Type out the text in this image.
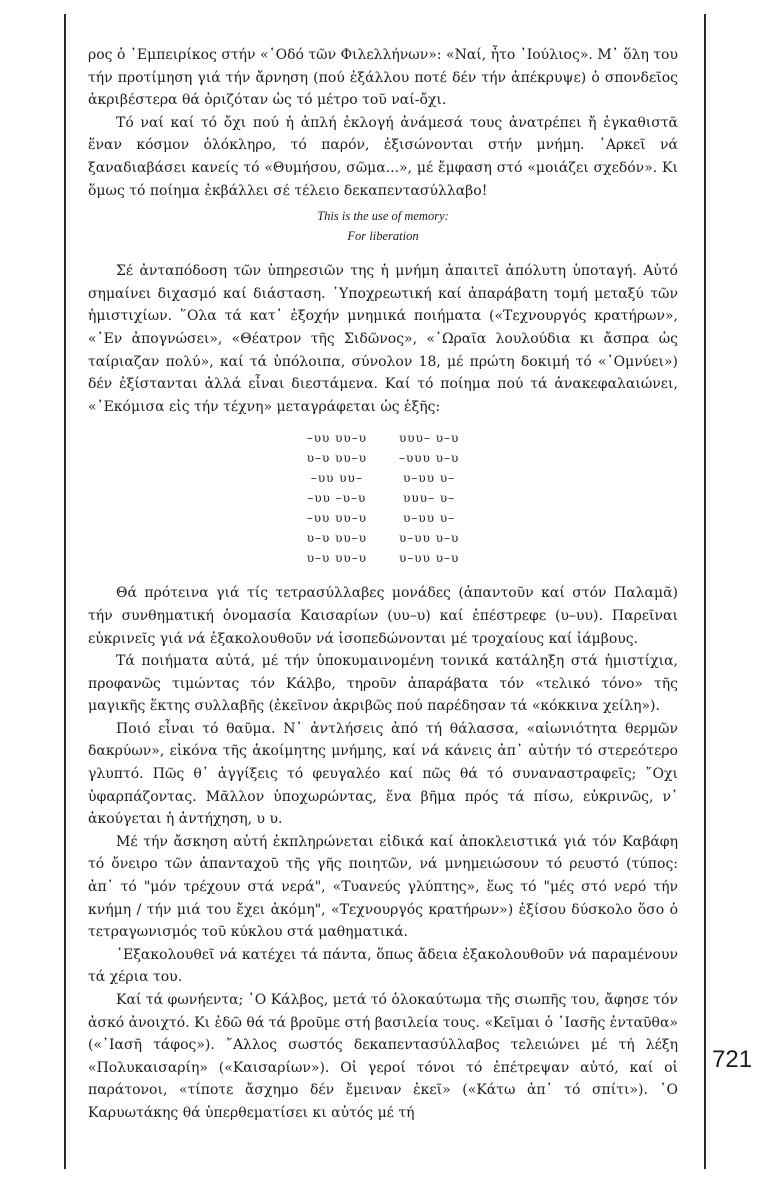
ρος ὁ ᾿Εμπειρίκος στήν «῾Οδό τῶν Φιλελλήνων»: «Ναί, ἦτο ᾿Ιούλιος». Μ᾿ ὅλη του τήν προτίμηση γιά τήν ἄρνηση (πού ἐξάλλου ποτέ δέν τήν ἀπέκρυψε) ὁ σπονδεῖος ἀκριβέστερα θά ὁριζόταν ὡς τό μέτρο τοῦ ναί-ὄχι.

Τό ναί καί τό ὄχι πού ἡ ἁπλή ἐκλογή ἀνάμεσά τους ἀνατρέπει ἤ ἐγκαθιστᾶ ἕναν κόσμον ὁλόκληρο, τό παρόν, ἐξισώνονται στήν μνήμη. ᾿Αρκεῖ νά ξαναδιαβάσει κανείς τό «Θυμήσου, σῶμα...», μέ ἔμφαση στό «μοιάζει σχεδόν». Κι ὅμως τό ποίημα ἐκβάλλει σέ τέλειο δεκαπεντασύλλαβο!

This is the use of memory:
For liberation

Σέ ἀνταπόδοση τῶν ὑπηρεσιῶν της ἡ μνήμη ἀπαιτεῖ ἀπόλυτη ὑποταγή. Αὐτό σημαίνει διχασμό καί διάσταση. ῾Υποχρεωτική καί ἀπαράβατη τομή μεταξύ τῶν ἡμιστιχίων. ῞Ολα τά κατ᾿ ἐξοχήν μνημικά ποιήματα («Τεχνουργός κρατήρων», «᾿Εν ἀπογνώσει», «Θέατρον τῆς Σιδῶνος», «῾Ωραῖα λουλούδια κι ἄσπρα ὡς ταίριαζαν πολύ», καί τά ὑπόλοιπα, σύνολον 18, μέ πρώτη δοκιμή τό «᾿Ομνύει») δέν ἐξίστανται ἀλλά εἶναι διεστάμενα. Καί τό ποίημα πού τά ἀνακεφαλαιώνει, «᾿Εκόμισα εἰς τήν τέχνη» μεταγράφεται ὡς ἑξῆς:

–υυ υυ–υ
υ–υ υυ–υ
–υυ υυ–
–υυ –υ–υ
–υυ υυ–υ
υ–υ υυ–υ
υ–υ υυ–υ
υυυ– υ–υ
–υυυ υ–υ
υ–υυ υ–
υυυ– υ–
υ–υυ υ–
υ–υυ υ–υ
υ–υυ υ–υ

Θά πρότεινα γιά τίς τετρασύλλαβες μονάδες (ἁπαντοῦν καί στόν Παλαμᾶ) τήν συνθηματική ὀνομασία Καισαρίων (υυ–υ) καί ἐπέστρεφε (υ–υυ). Παρεῖναι εὐκρινεῖς γιά νά ἐξακολουθοῦν νά ἰσοπεδώνονται μέ τροχαίους καί ἰάμβους.

Τά ποιήματα αὐτά, μέ τήν ὑποκυμαινομένη τονικά κατάληξη στά ἡμιστίχια, προφανῶς τιμώντας τόν Κάλβο, τηροῦν ἀπαράβατα τόν «τελικό τόνο» τῆς μαγικῆς ἕκτης συλλαβῆς (ἐκεῖνον ἀκριβῶς πού παρέδησαν τά «κόκκινα χείλη»).

Ποιό εἶναι τό θαῦμα. Ν᾿ ἀντλήσεις ἀπό τή θάλασσα, «αἰωνιότητα θερμῶν δακρύων», εἰκόνα τῆς ἀκοίμητης μνήμης, καί νά κάνεις ἀπ᾿ αὐτήν τό στερεότερο γλυπτό. Πῶς θ᾿ ἀγγίξεις τό φευγαλέο καί πῶς θά τό συναναστραφεῖς; ῎Οχι ὑφαρπάζοντας. Μᾶλλον ὑποχωρώντας, ἕνα βῆμα πρός τά πίσω, εὐκρινῶς, ν᾿ ἀκούγεται ἡ ἀντήχηση, υ υ.

Μέ τήν ἄσκηση αὐτή ἐκπληρώνεται εἰδικά καί ἀποκλειστικά γιά τόν Καβάφη τό ὄνειρο τῶν ἁπανταχοῦ τῆς γῆς ποιητῶν, νά μνημειώσουν τό ρευστό (τύπος: ἀπ᾿ τό "μόν τρέχουν στά νερά", «Τυανεύς γλύπτης», ἕως τό "μές στό νερό τήν κνήμη / τήν μιά του ἔχει ἀκόμη", «Τεχνουργός κρατήρων») ἐξίσου δύσκολο ὅσο ὁ τετραγωνισμός τοῦ κύκλου στά μαθηματικά.

᾿Εξακολουθεῖ νά κατέχει τά πάντα, ὅπως ἄδεια ἐξακολουθοῦν νά παραμένουν τά χέρια του.

Καί τά φωνήεντα; ῾Ο Κάλβος, μετά τό ὁλοκαύτωμα τῆς σιωπῆς του, ἄφησε τόν ἀσκό ἀνοιχτό. Κι ἐδῶ θά τά βροῦμε στή βασιλεία τους. «Κεῖμαι ὁ ᾿Ιασῆς ἐνταῦθα» («᾿Ιασῆ τάφος»). ῎Αλλος σωστός δεκαπεντασύλλαβος τελειώνει μέ τή λέξη «Πολυκαισαρίη» («Καισαρίων»). Οἱ γεροί τόνοι τό ἐπέτρεψαν αὐτό, καί οἱ παράτονοι, «τίποτε ἄσχημο δέν ἔμειναν ἐκεῖ» («Κάτω ἀπ᾿ τό σπίτι»). ῾Ο Καρυωτάκης θά ὑπερθεματίσει κι αὐτός μέ τή

721
